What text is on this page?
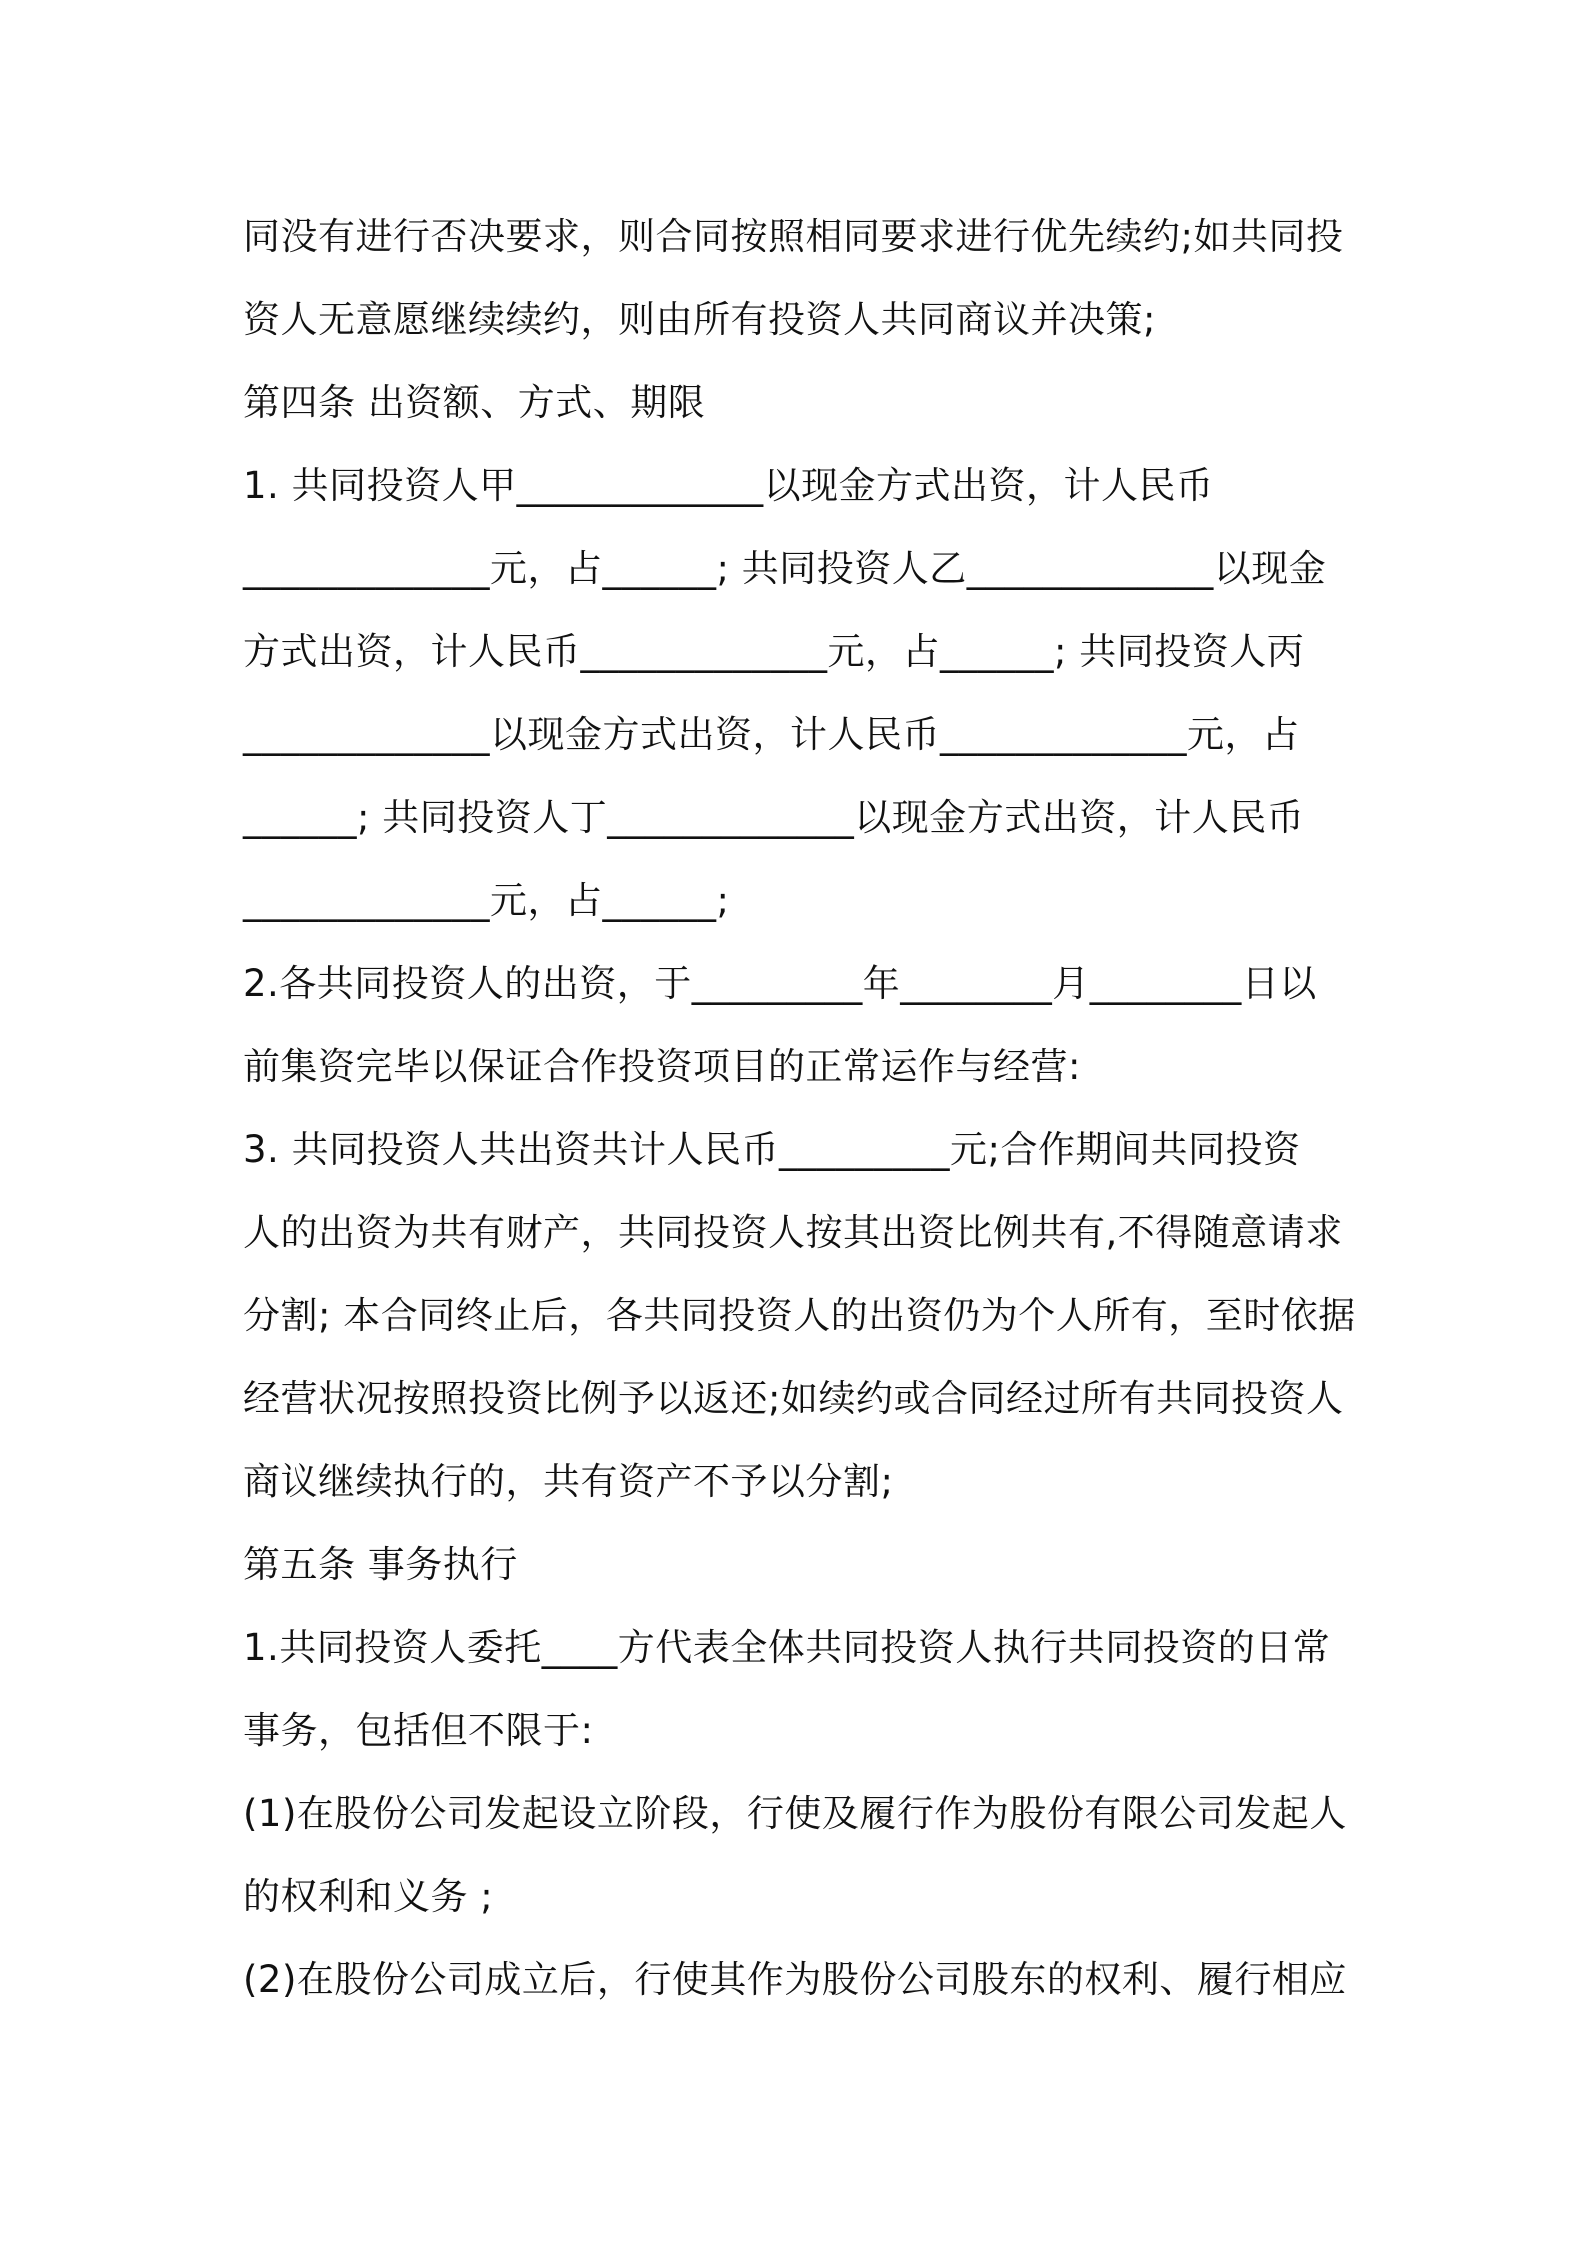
同没有进行否决要求，则合同按照相同要求进行优先续约;如共同投
资人无意愿继续续约，则由所有投资人共同商议并决策;
第四条 出资额、方式、期限
1. 共同投资人甲_____________以现金方式出资，计人民币
_____________元，占______; 共同投资人乙_____________以现金
方式出资，计人民币_____________元，占______; 共同投资人丙
_____________以现金方式出资，计人民币_____________元，占
______; 共同投资人丁_____________以现金方式出资，计人民币
_____________元，占______;
2.各共同投资人的出资，于_________年________月________日以
前集资完毕以保证合作投资项目的正常运作与经营:
3. 共同投资人共出资共计人民币_________元;合作期间共同投资
人的出资为共有财产，共同投资人按其出资比例共有,不得随意请求
分割; 本合同终止后，各共同投资人的出资仍为个人所有，至时依据
经营状况按照投资比例予以返还;如续约或合同经过所有共同投资人
商议继续执行的，共有资产不予以分割;
第五条 事务执行
1.共同投资人委托____方代表全体共同投资人执行共同投资的日常
事务，包括但不限于:
(1)在股份公司发起设立阶段，行使及履行作为股份有限公司发起人
的权利和义务 ;
(2)在股份公司成立后，行使其作为股份公司股东的权利、履行相应
